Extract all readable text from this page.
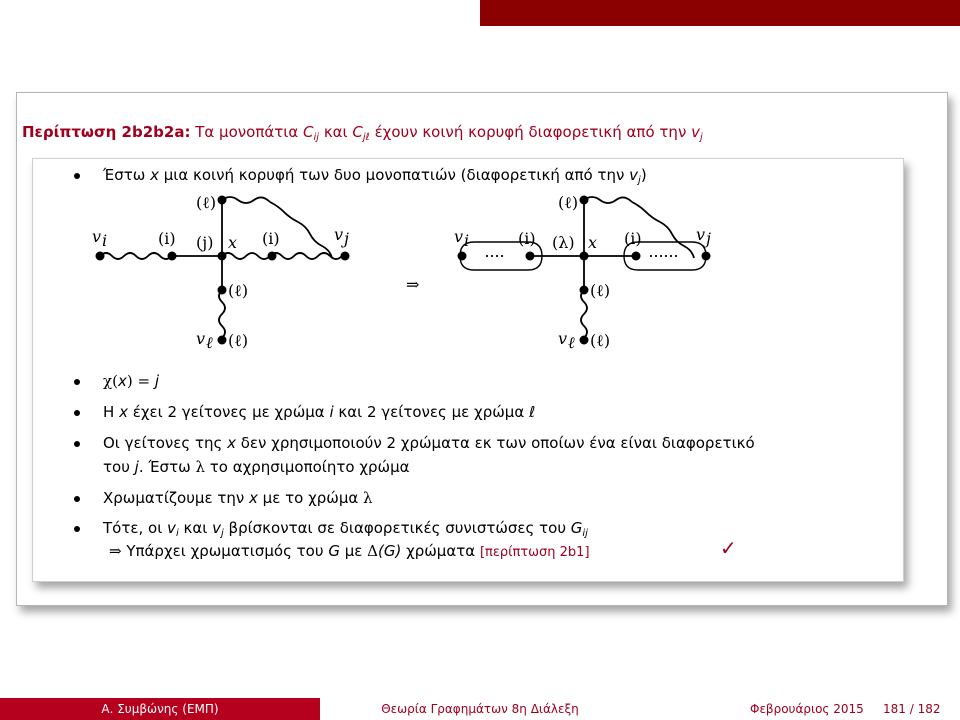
Περίπτωση 2b2b2a: Τα μονοπάτια $C_{ij}$ και $C_{j\ell}$ έχουν κοινή κορυφή διαφορετική από την $v_j$
Έστω x μια κοινή κορυφή των δυο μονοπατιών (διαφορετική από την $v_j$)
v i	(i) (j) x (i)	v j
(ℓ)
(ℓ)
v ℓ (ℓ)
⇒
v i	(i) (λ) x (i)	v j
(ℓ)
(ℓ)
v ℓ (ℓ)
χ(x) = j
Η x έχει 2 γείτονες με χρώμα i και 2 γείτονες με χρώμα ℓ
Οι γείτονες της x δεν χρησιμοποιούν 2 χρώματα εκ των οποίων ένα είναι διαφορετικό
του j. Έστω λ το αχρησιμοποίητο χρώμα
Χρωματίζουμε την x με το χρώμα λ
Τότε, οι $v_i$ και $v_j$ βρίσκονται σε διαφορετικές συνιστώσες του $G_{ij}$
⇒ Υπάρχει χρωματισμός του G με Δ(G) χρώματα [περίπτωση 2b1]	✓
Α. Συμβώνης (ΕΜΠ)	Θεωρία Γραφημάτων 8η Διάλεξη	Φεβρουάριος 2015 181 / 182
